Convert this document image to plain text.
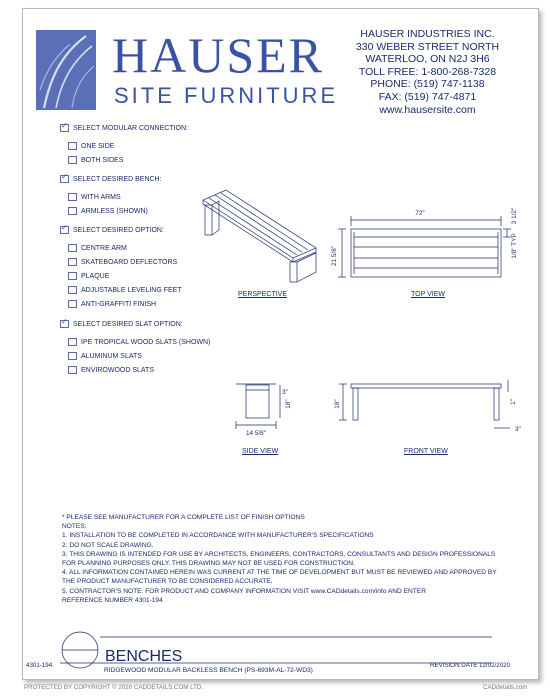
HAUSER
SITE FURNITURE
HAUSER INDUSTRIES INC.
330 WEBER STREET NORTH
WATERLOO, ON N2J 3H6
TOLL FREE: 1-800-268-7328
PHONE: (519) 747-1138
FAX: (519) 747-4871
www.hausersite.com
✓SELECT MODULAR CONNECTION:
ONE SIDE
BOTH SIDES
✓SELECT DESIRED BENCH:
WITH ARMS
ARMLESS (SHOWN)
✓SELECT DESIRED OPTION:
CENTRE ARM
SKATEBOARD DEFLECTORS
PLAQUE
ADJUSTABLE LEVELING FEET
ANTI-GRAFFITI FINISH
✓SELECT DESIRED SLAT OPTION:
IPE TROPICAL WOOD SLATS (SHOWN)
ALUMINUM SLATS
ENVIROWOOD SLATS
72"
21 5/8"
3 1/2"
1/8" TYP
3"
18"
14 5/8"
18"	1"
3"
PERSPECTIVE	TOP VIEW
SIDE VIEW	FRONT VIEW
* PLEASE SEE MANUFACTURER FOR A COMPLETE LIST OF FINISH OPTIONS
NOTES:
1. INSTALLATION TO BE COMPLETED IN ACCORDANCE WITH MANUFACTURER'S SPECIFICATIONS
2. DO NOT SCALE DRAWING.
3. THIS DRAWING IS INTENDED FOR USE BY ARCHITECTS, ENGINEERS, CONTRACTORS, CONSULTANTS AND DESIGN PROFESSIONALS
FOR PLANNING PURPOSES ONLY. THIS DRAWING MAY NOT BE USED FOR CONSTRUCTION.
4. ALL INFORMATION CONTAINED HEREIN WAS CURRENT AT THE TIME OF DEVELOPMENT BUT MUST BE REVIEWED AND APPROVED BY
THE PRODUCT MANUFACTURER TO BE CONSIDERED ACCURATE.
5. CONTRACTOR'S NOTE: FOR PRODUCT AND COMPANY INFORMATION VISIT www.CADdetails.com/info AND ENTER
REFERENCE NUMBER 4301-194
BENCHES
RIDGEWOOD MODULAR BACKLESS BENCH (PS-693M-AL-72-WD3)
4301-194	REVISION DATE 12/02/2020
PROTECTED BY COPYRIGHT © 2020 CADDETAILS.COM LTD.	CADdetails.com
